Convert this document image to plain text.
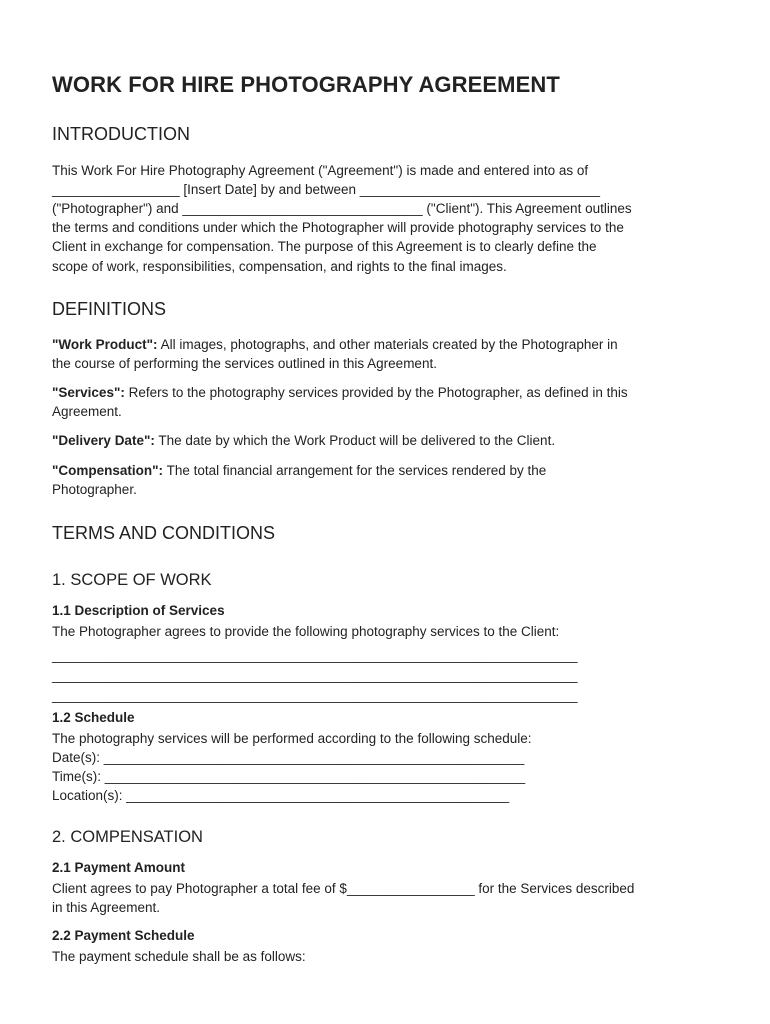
WORK FOR HIRE PHOTOGRAPHY AGREEMENT
INTRODUCTION
This Work For Hire Photography Agreement ("Agreement") is made and entered into as of
_________________ [Insert Date] by and between ________________________________
("Photographer") and ________________________________ ("Client"). This Agreement outlines
the terms and conditions under which the Photographer will provide photography services to the
Client in exchange for compensation. The purpose of this Agreement is to clearly define the
scope of work, responsibilities, compensation, and rights to the final images.
DEFINITIONS
"Work Product": All images, photographs, and other materials created by the Photographer in
the course of performing the services outlined in this Agreement.
"Services": Refers to the photography services provided by the Photographer, as defined in this
Agreement.
"Delivery Date": The date by which the Work Product will be delivered to the Client.
"Compensation": The total financial arrangement for the services rendered by the
Photographer.
TERMS AND CONDITIONS
1. SCOPE OF WORK
1.1 Description of Services
The Photographer agrees to provide the following photography services to the Client:
______________________________________________________________________
______________________________________________________________________
______________________________________________________________________
1.2 Schedule
The photography services will be performed according to the following schedule:
Date(s): ________________________________________________________
Time(s): ________________________________________________________
Location(s): ___________________________________________________
2. COMPENSATION
2.1 Payment Amount
Client agrees to pay Photographer a total fee of $_________________ for the Services described
in this Agreement.
2.2 Payment Schedule
The payment schedule shall be as follows:
